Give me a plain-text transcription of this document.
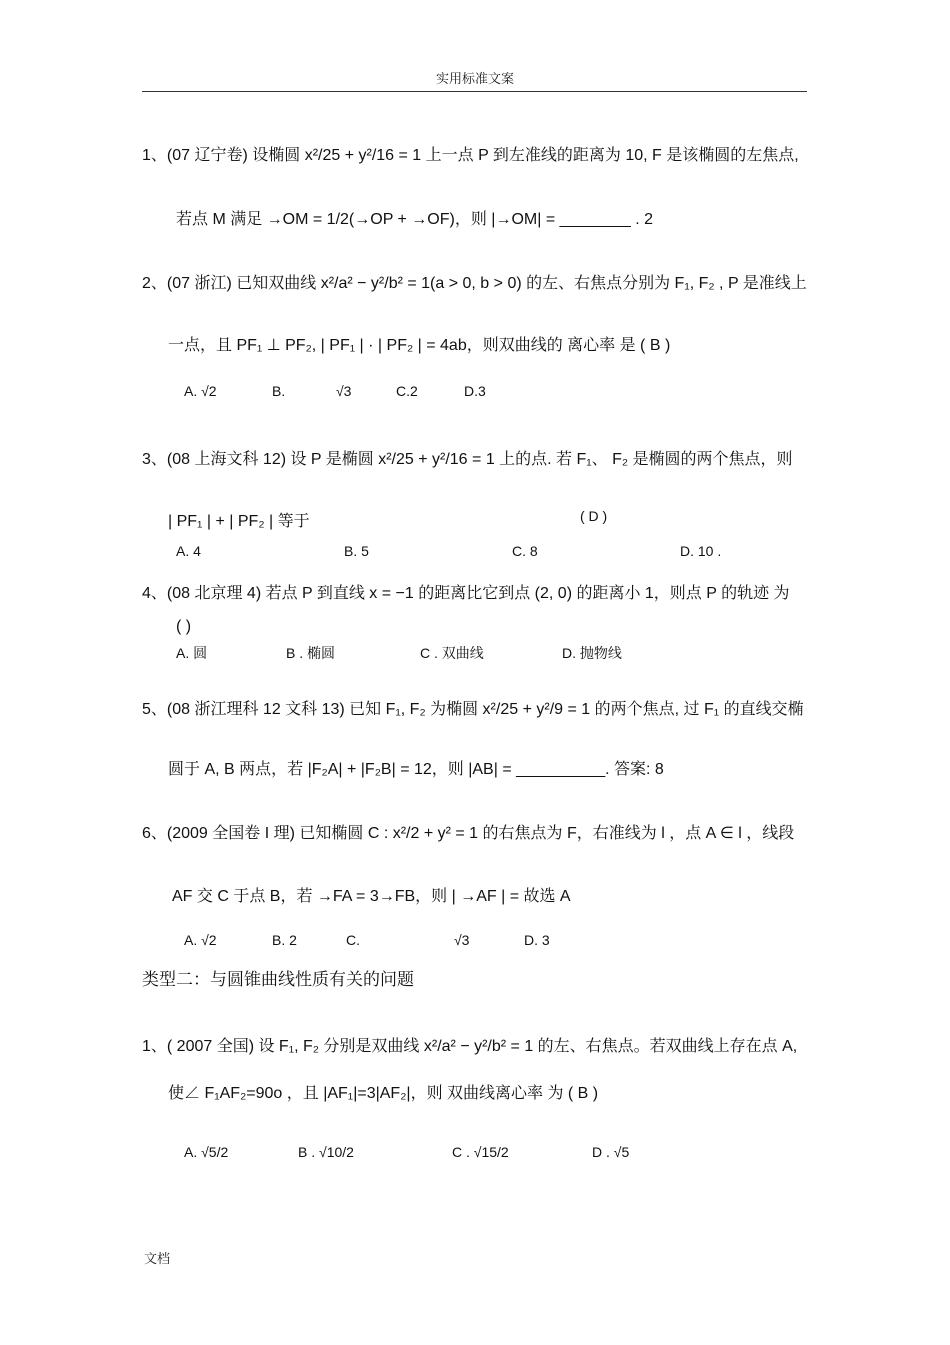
实用标准文案
1、(07 辽宁卷) 设椭圆 x²/25 + y²/16 = 1 上一点 P 到左准线的距离为 10, F 是该椭圆的左焦点,
若点 M 满足 →OM = 1/2(→OP + →OF)，则 |→OM| = ________ . 2
2、(07 浙江) 已知双曲线 x²/a² − y²/b² = 1(a > 0, b > 0) 的左、右焦点分别为 F₁, F₂ , P 是准线上
一点，且 PF₁ ⊥ PF₂, | PF₁ | · | PF₂ | = 4ab，则双曲线的 离心率 是 ( B )
A. √2	B.	√3	C.2	D.3
3、(08 上海文科 12) 设 P 是椭圆 x²/25 + y²/16 = 1 上的点. 若 F₁、 F₂ 是椭圆的两个焦点，则
| PF₁ | + | PF₂ | 等于	( D )
A. 4	B. 5	C. 8	D. 10 .
4、(08 北京理 4) 若点 P 到直线 x = −1 的距离比它到点 (2, 0) 的距离小 1，则点 P 的轨迹 为
( )
A. 圆	B . 椭圆	C . 双曲线	D. 抛物线
5、(08 浙江理科 12 文科 13) 已知 F₁, F₂ 为椭圆 x²/25 + y²/9 = 1 的两个焦点, 过 F₁ 的直线交椭
圆于 A, B 两点，若 |F₂A| + |F₂B| = 12，则 |AB| = __________. 答案: 8
6、(2009 全国卷 I 理) 已知椭圆 C : x²/2 + y² = 1 的右焦点为 F，右准线为 l ，点 A ∈ l ，线段
AF 交 C 于点 B，若 →FA = 3→FB，则 | →AF | = 故选 A
A. √2	B. 2	C.	√3	D. 3
类型二：与圆锥曲线性质有关的问题
1、( 2007 全国) 设 F₁, F₂ 分别是双曲线 x²/a² − y²/b² = 1 的左、右焦点。若双曲线上存在点 A,
使∠ F₁AF₂=90o ，且 |AF₁|=3|AF₂|，则 双曲线离心率 为 ( B )
A. √5/2	B . √10/2	C . √15/2	D . √5
文档
